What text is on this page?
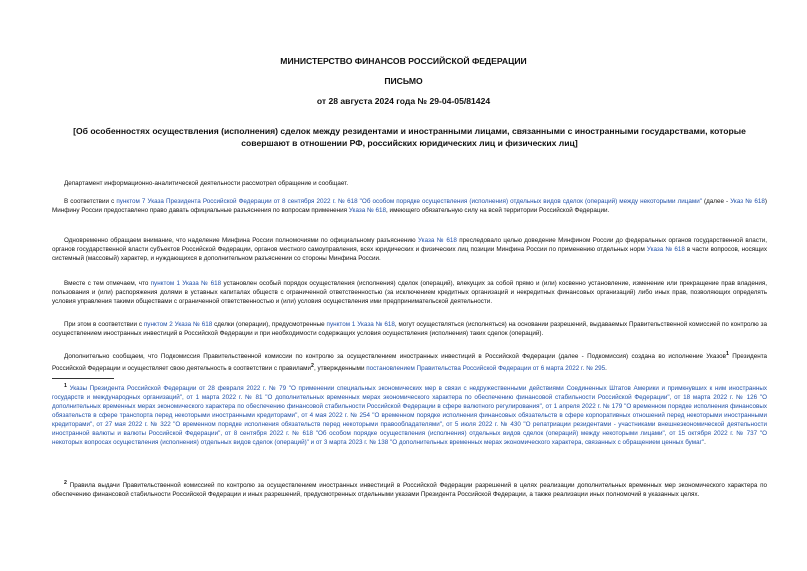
МИНИСТЕРСТВО ФИНАНСОВ РОССИЙСКОЙ ФЕДЕРАЦИИ
ПИСЬМО
от 28 августа 2024 года № 29-04-05/81424
[Об особенностях осуществления (исполнения) сделок между резидентами и иностранными лицами, связанными с иностранными государствами, которые совершают в отношении РФ, российских юридических лиц и физических лиц]
Департамент информационно-аналитической деятельности рассмотрел обращение и сообщает.
В соответствии с пунктом 7 Указа Президента Российской Федерации от 8 сентября 2022 г. № 618 "Об особом порядке осуществления (исполнения) отдельных видов сделок (операций) между некоторыми лицами" (далее - Указ № 618) Минфину России предоставлено право давать официальные разъяснения по вопросам применения Указа № 618, имеющего обязательную силу на всей территории Российской Федерации.
Одновременно обращаем внимание, что наделение Минфина России полномочиями по официальному разъяснению Указа № 618 преследовало целью доведение Минфином России до федеральных органов государственной власти, органов государственной власти субъектов Российской Федерации, органов местного самоуправления, всех юридических и физических лиц позиции Минфина России по применению отдельных норм Указа № 618 в части вопросов, носящих системный (массовый) характер, и нуждающихся в дополнительном разъяснении со стороны Минфина России.
Вместе с тем отмечаем, что пунктом 1 Указа № 618 установлен особый порядок осуществления (исполнения) сделок (операций), влекущих за собой прямо и (или) косвенно установление, изменение или прекращение прав владения, пользования и (или) распоряжения долями в уставных капиталах обществ с ограниченной ответственностью (за исключением кредитных организаций и некредитных финансовых организаций) либо иных прав, позволяющих определять условия управления такими обществами с ограниченной ответственностью и (или) условия осуществления ими предпринимательской деятельности.
При этом в соответствии с пунктом 2 Указа № 618 сделки (операции), предусмотренные пунктом 1 Указа № 618, могут осуществляться (исполняться) на основании разрешений, выдаваемых Правительственной комиссией по контролю за осуществлением иностранных инвестиций в Российской Федерации и при необходимости содержащих условия осуществления (исполнения) таких сделок (операций).
Дополнительно сообщаем, что Подкомиссия Правительственной комиссии по контролю за осуществлением иностранных инвестиций в Российской Федерации (далее - Подкомиссия) создана во исполнение Указов$^1$ Президента Российской Федерации и осуществляет свою деятельность в соответствии с правилами$^2$, утвержденными постановлением Правительства Российской Федерации от 6 марта 2022 г. № 295.
$^1$ Указы Президента Российской Федерации от 28 февраля 2022 г. № 79 "О применении специальных экономических мер в связи с недружественными действиями Соединенных Штатов Америки и примкнувших к ним иностранных государств и международных организаций", от 1 марта 2022 г. № 81 "О дополнительных временных мерах экономического характера по обеспечению финансовой стабильности Российской Федерации", от 18 марта 2022 г. № 126 "О дополнительных временных мерах экономического характера по обеспечению финансовой стабильности Российской Федерации в сфере валютного регулирования", от 1 апреля 2022 г. № 179 "О временном порядке исполнения финансовых обязательств в сфере транспорта перед некоторыми иностранными кредиторами", от 4 мая 2022 г. № 254 "О временном порядке исполнения финансовых обязательств в сфере корпоративных отношений перед некоторыми иностранными кредиторами", от 27 мая 2022 г. № 322 "О временном порядке исполнения обязательств перед некоторыми правообладателями", от 5 июля 2022 г. № 430 "О репатриации резидентами - участниками внешнеэкономической деятельности иностранной валюты и валюты Российской Федерации", от 8 сентября 2022 г. № 618 "Об особом порядке осуществления (исполнения) отдельных видов сделок (операций) между некоторыми лицами", от 15 октября 2022 г. № 737 "О некоторых вопросах осуществления (исполнения) отдельных видов сделок (операций)" и от 3 марта 2023 г. № 138 "О дополнительных временных мерах экономического характера, связанных с обращением ценных бумаг".
$^2$ Правила выдачи Правительственной комиссией по контролю за осуществлением иностранных инвестиций в Российской Федерации разрешений в целях реализации дополнительных временных мер экономического характера по обеспечению финансовой стабильности Российской Федерации и иных разрешений, предусмотренных отдельными указами Президента Российской Федерации, а также реализации иных полномочий в указанных целях.
